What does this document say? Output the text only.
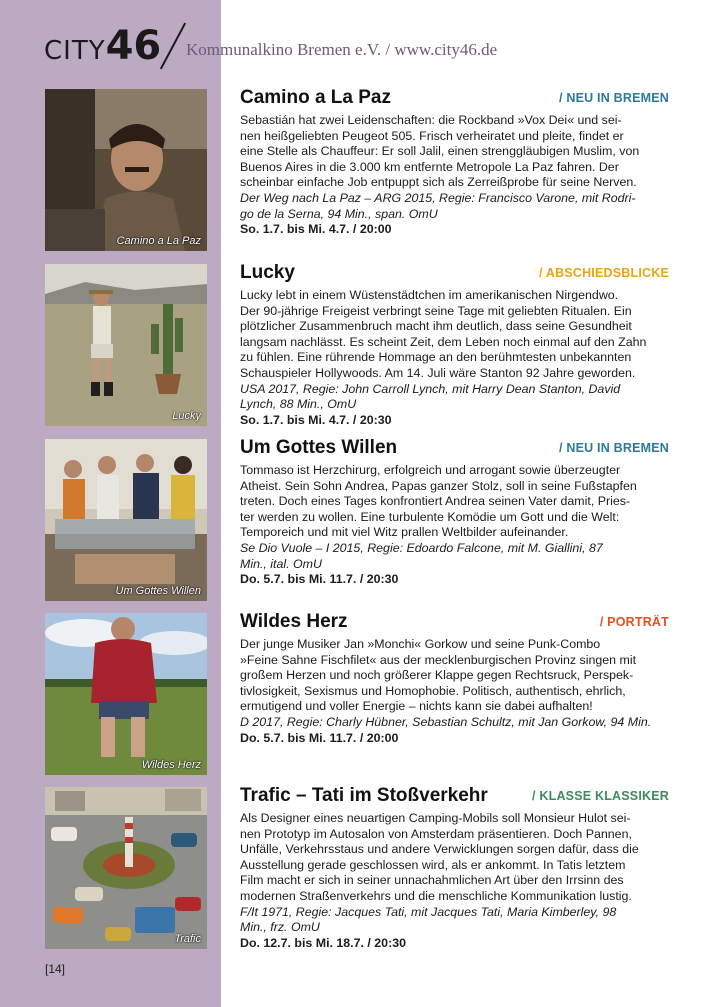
CITY46 Kommunalkino Bremen e.V. / www.city46.de
Camino a La Paz
Camino a La Paz	/ NEU IN BREMEN

Sebastián hat zwei Leidenschaften: die Rockband »Vox Dei« und sei-
nen heißgeliebten Peugeot 505. Frisch verheiratet und pleite, findet er
eine Stelle als Chauffeur: Er soll Jalil, einen strenggläubigen Muslim, von
Buenos Aires in die 3.000 km entfernte Metropole La Paz fahren. Der
scheinbar einfache Job entpuppt sich als Zerreißprobe für seine Nerven.

Der Weg nach La Paz – ARG 2015, Regie: Francisco Varone, mit Rodri-
go de la Serna, 94 Min., span. OmU

So. 1.7. bis Mi. 4.7. / 20:00

Lucky
Lucky	/ ABSCHIEDSBLICKE

Lucky lebt in einem Wüstenstädtchen im amerikanischen Nirgendwo.
Der 90-jährige Freigeist verbringt seine Tage mit geliebten Ritualen. Ein
plötzlicher Zusammenbruch macht ihm deutlich, dass seine Gesundheit
langsam nachlässt. Es scheint Zeit, dem Leben noch einmal auf den Zahn
zu fühlen. Eine rührende Hommage an den berühmtesten unbekannten
Schauspieler Hollywoods. Am 14. Juli wäre Stanton 92 Jahre geworden.

USA 2017, Regie: John Carroll Lynch, mit Harry Dean Stanton, David
Lynch, 88 Min., OmU

So. 1.7. bis Mi. 4.7. / 20:30

Um Gottes Willen
Um Gottes Willen	/ NEU IN BREMEN

Tommaso ist Herzchirurg, erfolgreich und arrogant sowie überzeugter
Atheist. Sein Sohn Andrea, Papas ganzer Stolz, soll in seine Fußstapfen
treten. Doch eines Tages konfrontiert Andrea seinen Vater damit, Pries-
ter werden zu wollen. Eine turbulente Komödie um Gott und die Welt:
Temporeich und mit viel Witz prallen Weltbilder aufeinander.

Se Dio Vuole – I 2015, Regie: Edoardo Falcone, mit M. Giallini, 87
Min., ital. OmU

Do. 5.7. bis Mi. 11.7. / 20:30

Wildes Herz
Wildes Herz	/ PORTRÄT

Der junge Musiker Jan »Monchi« Gorkow und seine Punk-Combo
»Feine Sahne Fischfilet« aus der mecklenburgischen Provinz singen mit
großem Herzen und noch größerer Klappe gegen Rechtsruck, Perspek-
tivlosigkeit, Sexismus und Homophobie. Politisch, authentisch, ehrlich,
ermutigend und voller Energie – nichts kann sie dabei aufhalten!

D 2017, Regie: Charly Hübner, Sebastian Schultz, mit Jan Gorkow, 94 Min.

Do. 5.7. bis Mi. 11.7. / 20:00

Trafic
Trafic – Tati im Stoßverkehr	/ KLASSE KLASSIKER

Als Designer eines neuartigen Camping-Mobils soll Monsieur Hulot sei-
nen Prototyp im Autosalon von Amsterdam präsentieren. Doch Pannen,
Unfälle, Verkehrsstaus und andere Verwicklungen sorgen dafür, dass die
Ausstellung gerade geschlossen wird, als er ankommt. In Tatis letztem
Film macht er sich in seiner unnachahmlichen Art über den Irrsinn des
modernen Straßenverkehrs und die menschliche Kommunikation lustig.

F/It 1971, Regie: Jacques Tati, mit Jacques Tati, Maria Kimberley, 98
Min., frz. OmU

Do. 12.7. bis Mi. 18.7. / 20:30

[14]
